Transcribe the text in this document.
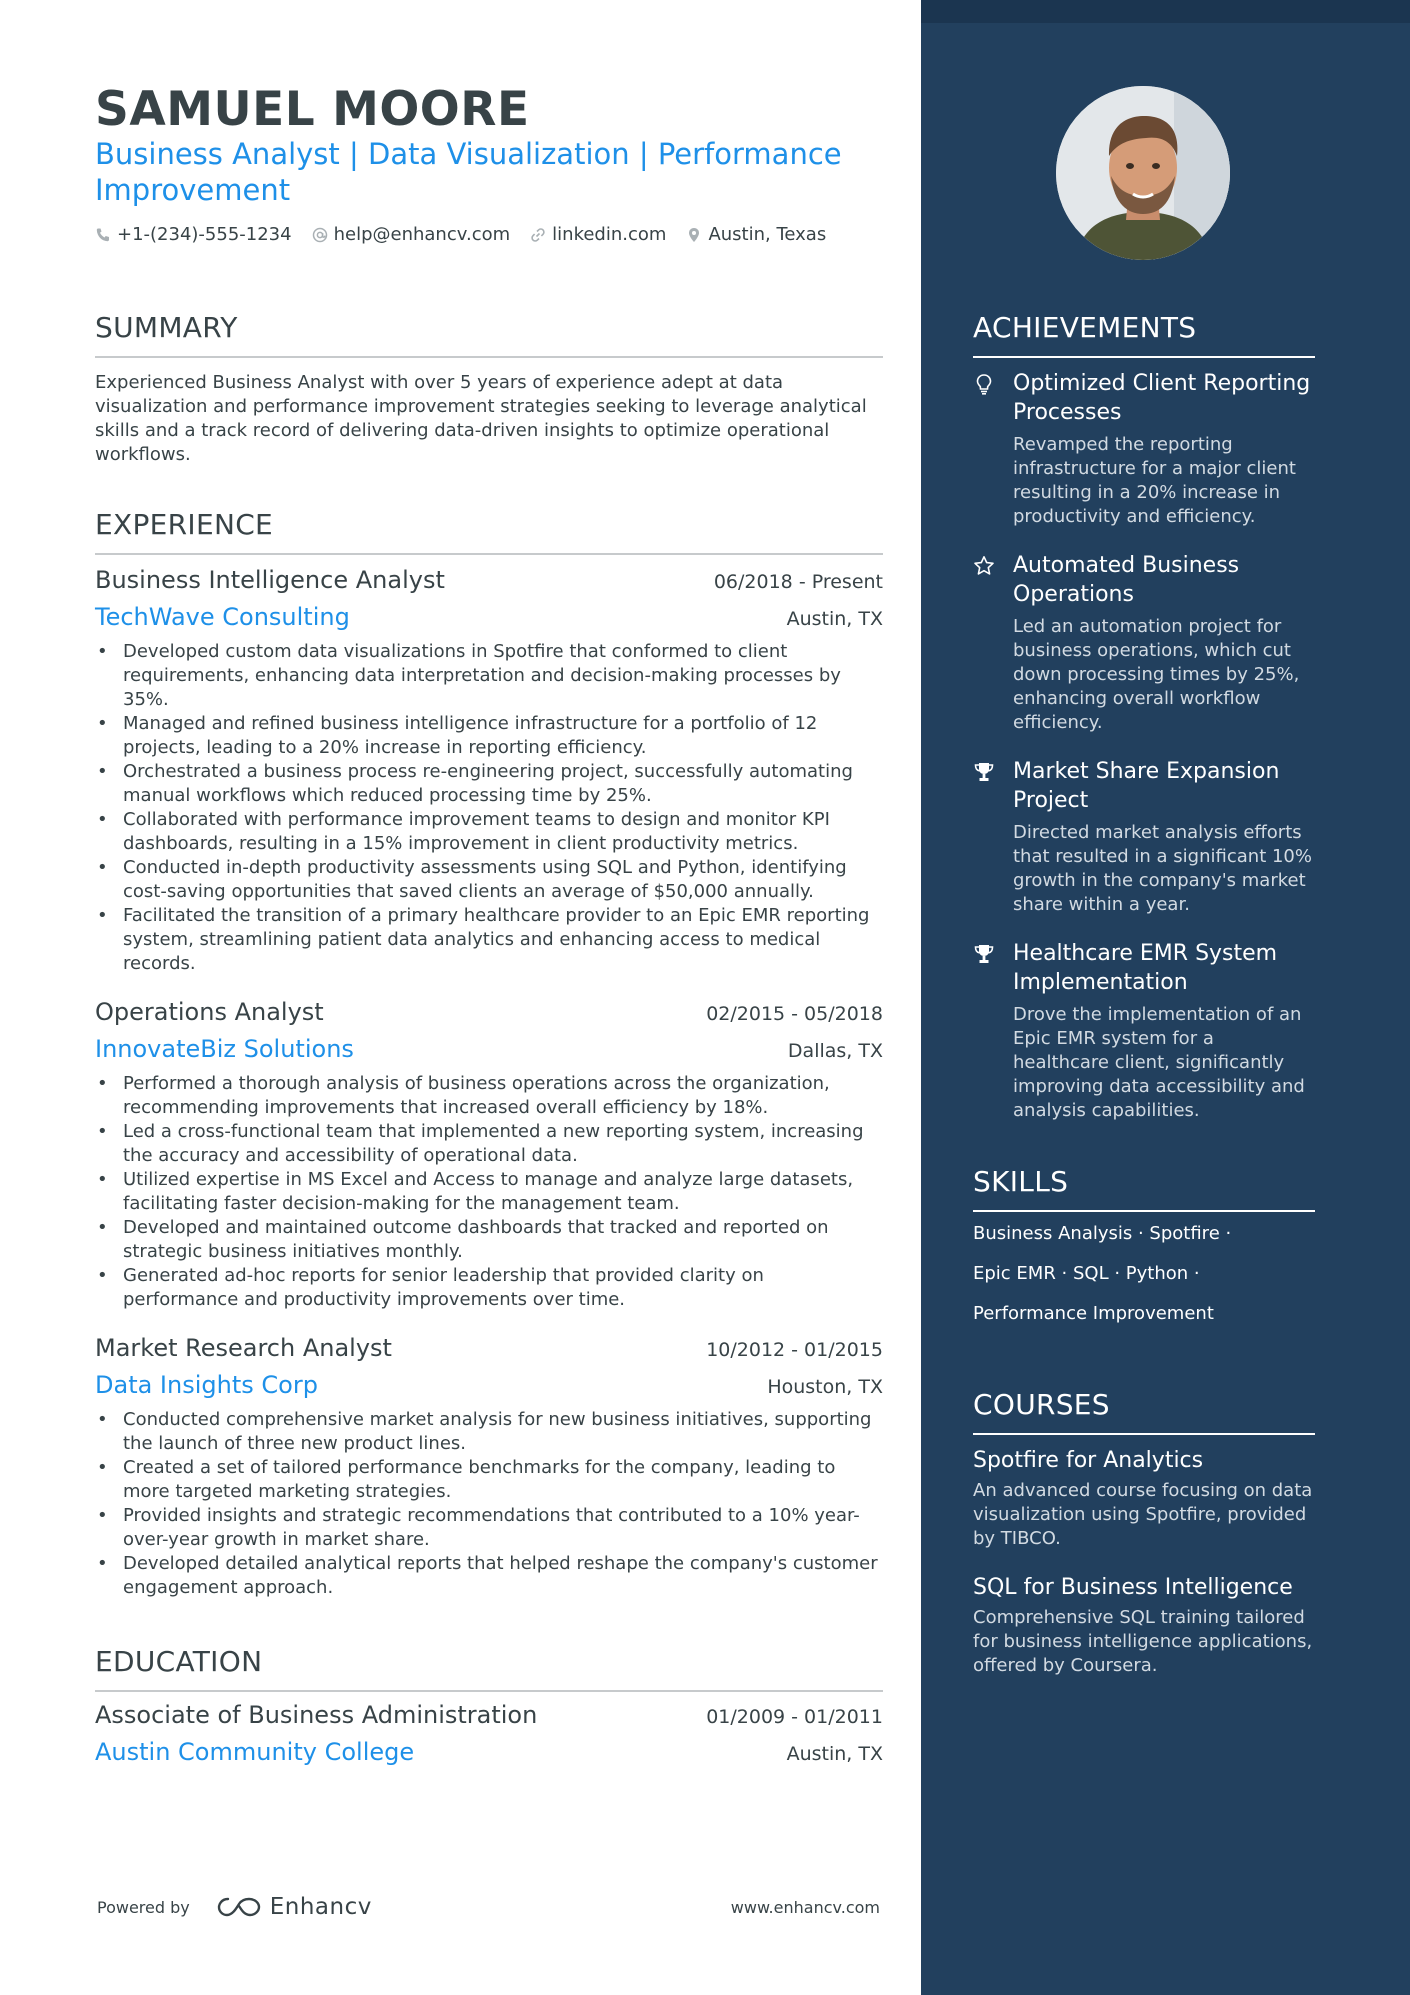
SAMUEL MOORE
Business Analyst | Data Visualization | Performance Improvement
+1-(234)-555-1234 help@enhancv.com linkedin.com Austin, Texas
SUMMARY
Experienced Business Analyst with over 5 years of experience adept at data visualization and performance improvement strategies seeking to leverage analytical skills and a track record of delivering data-driven insights to optimize operational workflows.
EXPERIENCE
Business Intelligence Analyst	06/2018 - Present
TechWave Consulting	Austin, TX
• Developed custom data visualizations in Spotfire that conformed to client requirements, enhancing data interpretation and decision-making processes by 35%.
• Managed and refined business intelligence infrastructure for a portfolio of 12 projects, leading to a 20% increase in reporting efficiency.
• Orchestrated a business process re-engineering project, successfully automating manual workflows which reduced processing time by 25%.
• Collaborated with performance improvement teams to design and monitor KPI dashboards, resulting in a 15% improvement in client productivity metrics.
• Conducted in-depth productivity assessments using SQL and Python, identifying cost-saving opportunities that saved clients an average of $50,000 annually.
• Facilitated the transition of a primary healthcare provider to an Epic EMR reporting system, streamlining patient data analytics and enhancing access to medical records.
Operations Analyst	02/2015 - 05/2018
InnovateBiz Solutions	Dallas, TX
• Performed a thorough analysis of business operations across the organization, recommending improvements that increased overall efficiency by 18%.
• Led a cross-functional team that implemented a new reporting system, increasing the accuracy and accessibility of operational data.
• Utilized expertise in MS Excel and Access to manage and analyze large datasets, facilitating faster decision-making for the management team.
• Developed and maintained outcome dashboards that tracked and reported on strategic business initiatives monthly.
• Generated ad-hoc reports for senior leadership that provided clarity on performance and productivity improvements over time.
Market Research Analyst	10/2012 - 01/2015
Data Insights Corp	Houston, TX
• Conducted comprehensive market analysis for new business initiatives, supporting the launch of three new product lines.
• Created a set of tailored performance benchmarks for the company, leading to more targeted marketing strategies.
• Provided insights and strategic recommendations that contributed to a 10% year-over-year growth in market share.
• Developed detailed analytical reports that helped reshape the company's customer engagement approach.
EDUCATION
Associate of Business Administration	01/2009 - 01/2011
Austin Community College	Austin, TX
Powered by	Enhancv	www.enhancv.com
ACHIEVEMENTS
Optimized Client Reporting Processes
Revamped the reporting infrastructure for a major client resulting in a 20% increase in productivity and efficiency.
Automated Business Operations
Led an automation project for business operations, which cut down processing times by 25%, enhancing overall workflow efficiency.
Market Share Expansion Project
Directed market analysis efforts that resulted in a significant 10% growth in the company's market share within a year.
Healthcare EMR System Implementation
Drove the implementation of an Epic EMR system for a healthcare client, significantly improving data accessibility and analysis capabilities.
SKILLS
Business Analysis · Spotfire ·
Epic EMR · SQL · Python ·
Performance Improvement
COURSES
Spotfire for Analytics
An advanced course focusing on data visualization using Spotfire, provided by TIBCO.
SQL for Business Intelligence
Comprehensive SQL training tailored for business intelligence applications, offered by Coursera.
